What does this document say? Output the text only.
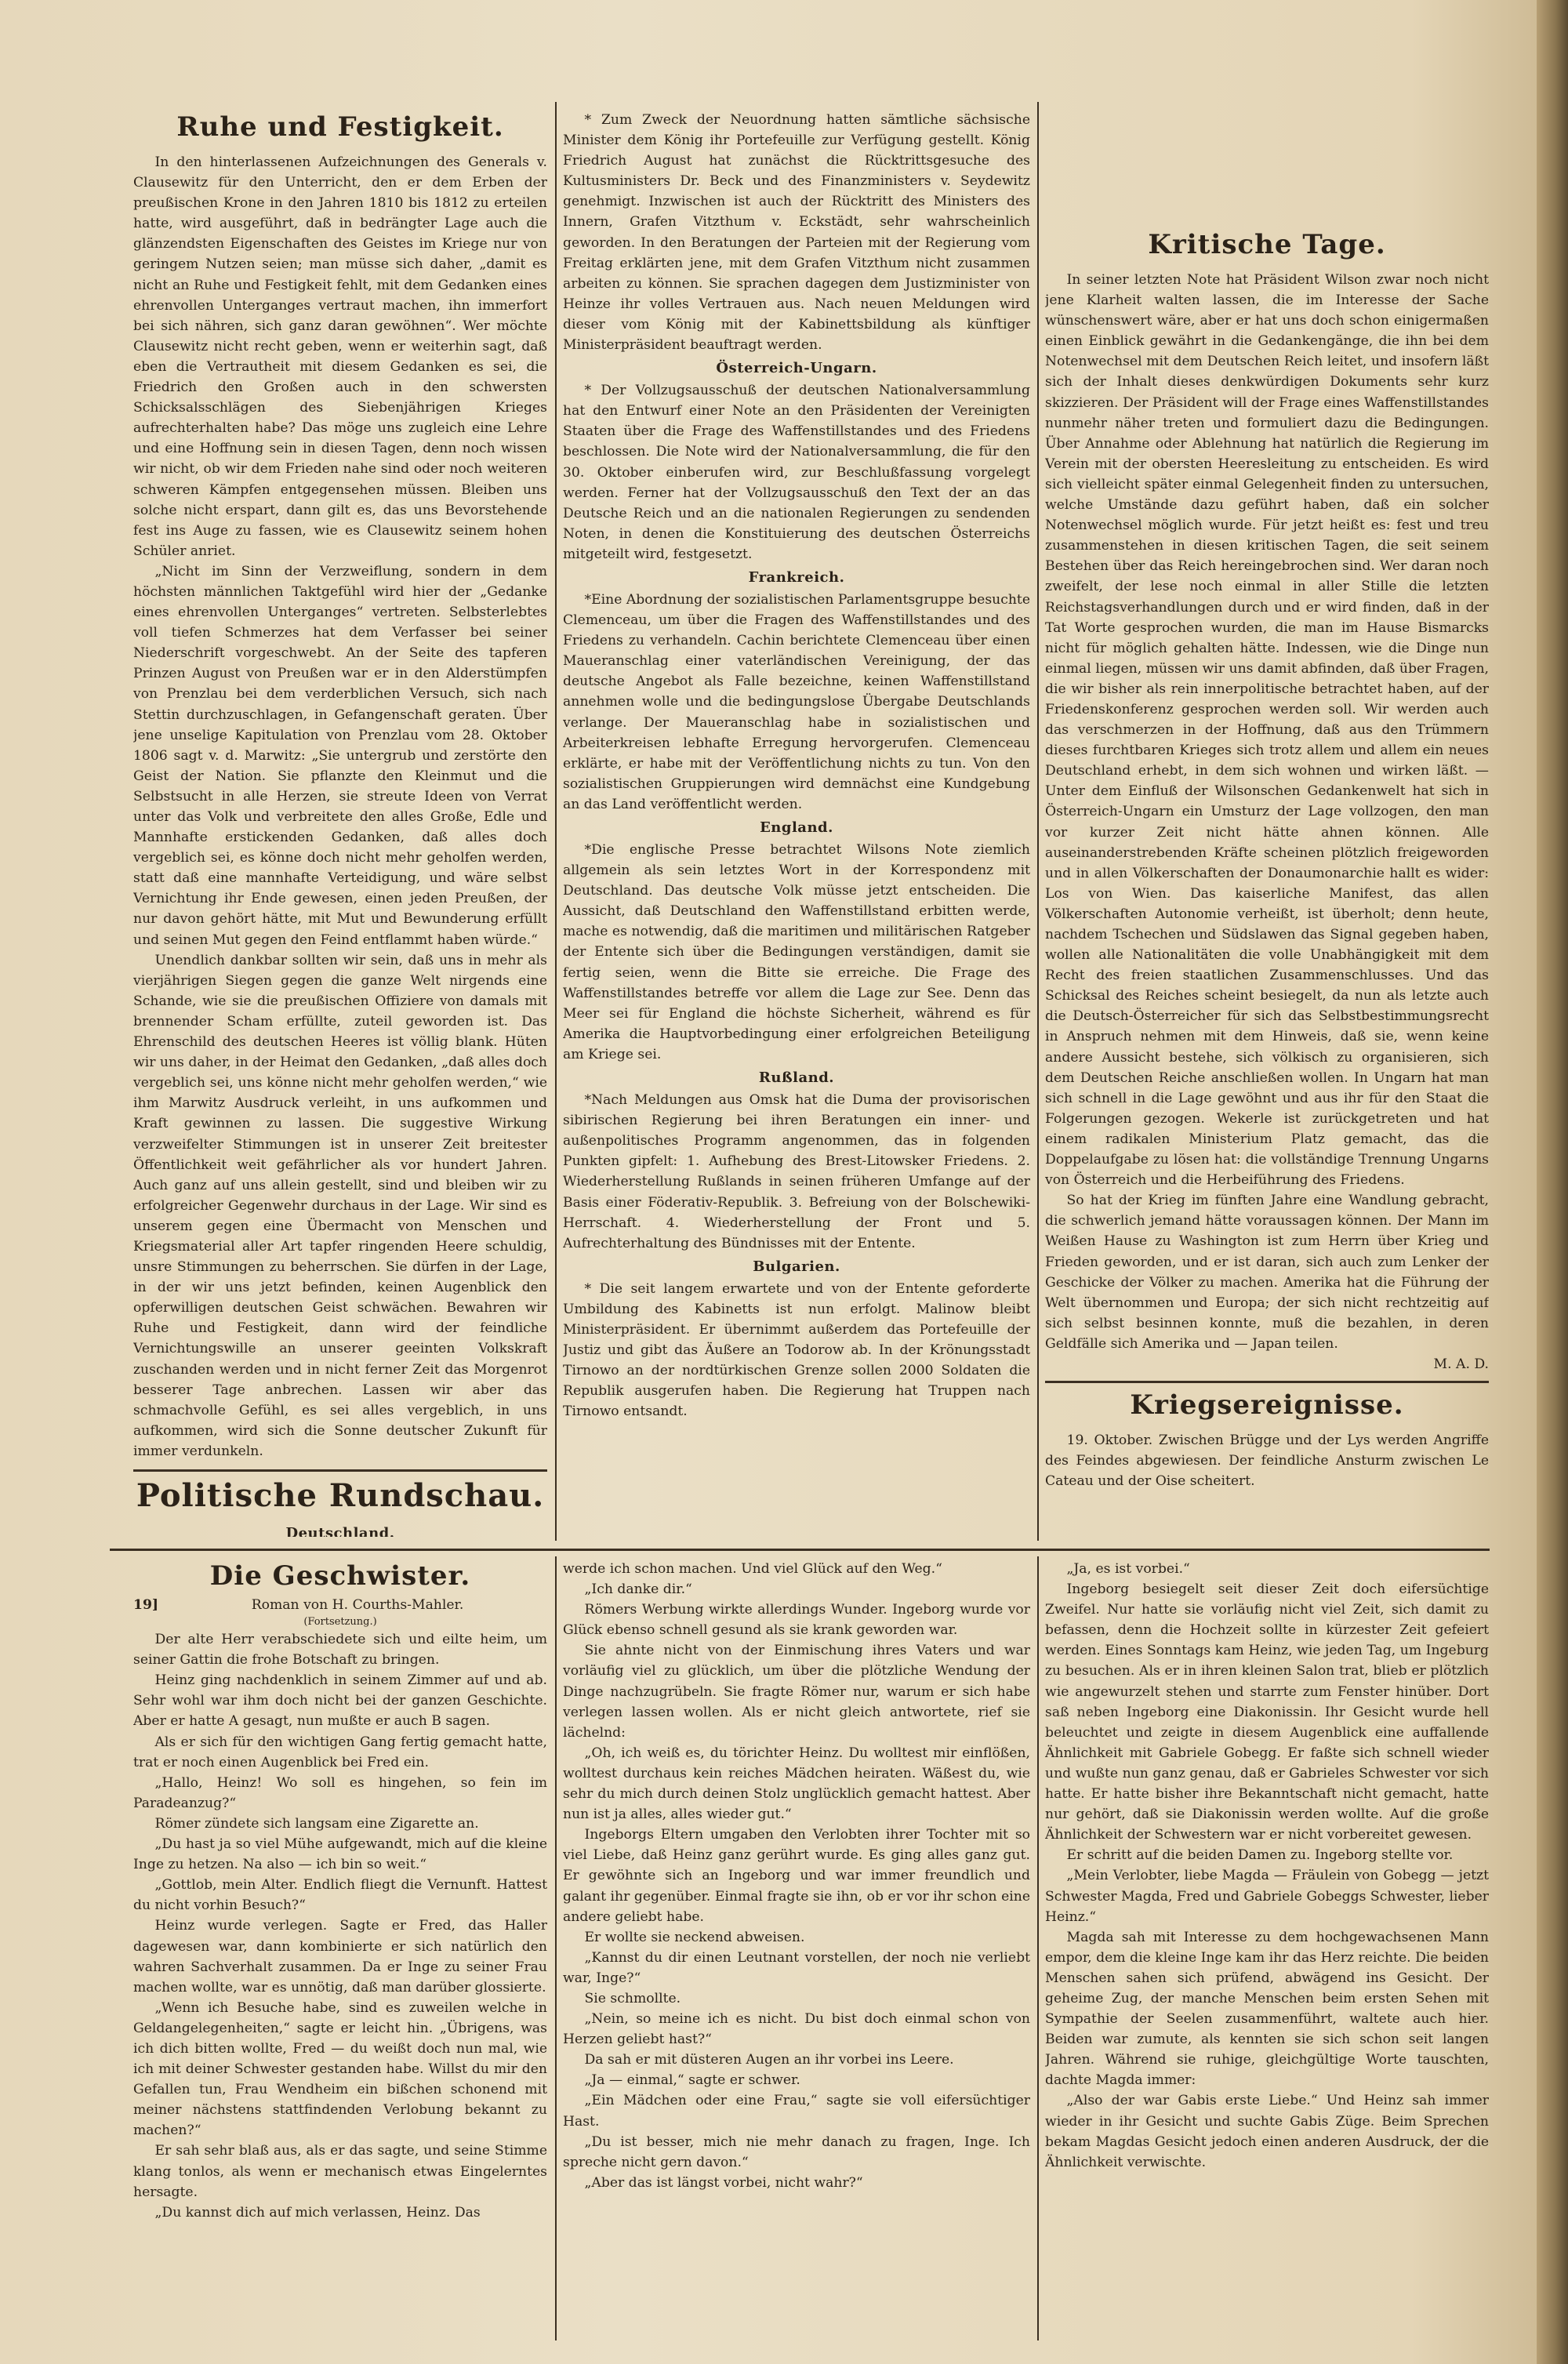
Ruhe und Festigkeit.

In den hinterlassenen Aufzeichnungen des Generals v. Clausewitz für den Unterricht, den er dem Erben der preußischen Krone in den Jahren 1810 bis 1812 zu erteilen hatte, wird ausgeführt, daß in bedrängter Lage auch die glänzendsten Eigenschaften des Geistes im Kriege nur von geringem Nutzen seien; man müsse sich daher, „damit es nicht an Ruhe und Festigkeit fehlt, mit dem Gedanken eines ehrenvollen Unterganges vertraut machen, ihn immerfort bei sich nähren, sich ganz daran gewöhnen“. Wer möchte Clausewitz nicht recht geben, wenn er weiterhin sagt, daß eben die Vertrautheit mit diesem Gedanken es sei, die Friedrich den Großen auch in den schwersten Schicksalsschlägen des Siebenjährigen Krieges aufrechterhalten habe? Das möge uns zugleich eine Lehre und eine Hoffnung sein in diesen Tagen, denn noch wissen wir nicht, ob wir dem Frieden nahe sind oder noch weiteren schweren Kämpfen entgegensehen müssen. Bleiben uns solche nicht erspart, dann gilt es, das uns Bevorstehende fest ins Auge zu fassen, wie es Clausewitz seinem hohen Schüler anriet.

„Nicht im Sinn der Verzweiflung, sondern in dem höchsten männlichen Taktgefühl wird hier der „Gedanke eines ehrenvollen Unterganges“ vertreten. Selbsterlebtes voll tiefen Schmerzes hat dem Verfasser bei seiner Niederschrift vorgeschwebt. An der Seite des tapferen Prinzen August von Preußen war er in den Alderstümpfen von Prenzlau bei dem verderblichen Versuch, sich nach Stettin durchzuschlagen, in Gefangenschaft geraten. Über jene unselige Kapitulation von Prenzlau vom 28. Oktober 1806 sagt v. d. Marwitz: „Sie untergrub und zerstörte den Geist der Nation. Sie pflanzte den Kleinmut und die Selbstsucht in alle Herzen, sie streute Ideen von Verrat unter das Volk und verbreitete den alles Große, Edle und Mannhafte erstickenden Gedanken, daß alles doch vergeblich sei, es könne doch nicht mehr geholfen werden, statt daß eine mannhafte Verteidigung, und wäre selbst Vernichtung ihr Ende gewesen, einen jeden Preußen, der nur davon gehört hätte, mit Mut und Bewunderung erfüllt und seinen Mut gegen den Feind entflammt haben würde.“

Unendlich dankbar sollten wir sein, daß uns in mehr als vierjährigen Siegen gegen die ganze Welt nirgends eine Schande, wie sie die preußischen Offiziere von damals mit brennender Scham erfüllte, zuteil geworden ist. Das Ehrenschild des deutschen Heeres ist völlig blank. Hüten wir uns daher, in der Heimat den Gedanken, „daß alles doch vergeblich sei, uns könne nicht mehr geholfen werden,“ wie ihm Marwitz Ausdruck verleiht, in uns aufkommen und Kraft gewinnen zu lassen. Die suggestive Wirkung verzweifelter Stimmungen ist in unserer Zeit breitester Öffentlichkeit weit gefährlicher als vor hundert Jahren. Auch ganz auf uns allein gestellt, sind und bleiben wir zu erfolgreicher Gegenwehr durchaus in der Lage. Wir sind es unserem gegen eine Übermacht von Menschen und Kriegsmaterial aller Art tapfer ringenden Heere schuldig, unsre Stimmungen zu beherrschen. Sie dürfen in der Lage, in der wir uns jetzt befinden, keinen Augenblick den opferwilligen deutschen Geist schwächen. Bewahren wir Ruhe und Festigkeit, dann wird der feindliche Vernichtungswille an unserer geeinten Volkskraft zuschanden werden und in nicht ferner Zeit das Morgenrot besserer Tage anbrechen. Lassen wir aber das schmachvolle Gefühl, es sei alles vergeblich, in uns aufkommen, wird sich die Sonne deutscher Zukunft für immer verdunkeln.

Politische Rundschau.
Deutschland.

* Zum Zweck der Neuordnung hatten sämtliche sächsische Minister dem König ihr Portefeuille zur Verfügung gestellt. König Friedrich August hat zunächst die Rücktrittsgesuche des Kultusministers Dr. Beck und des Finanzministers v. Seydewitz genehmigt. Inzwischen ist auch der Rücktritt des Ministers des Innern, Grafen Vitzthum v. Eckstädt, sehr wahrscheinlich geworden. In den Beratungen der Parteien mit der Regierung vom Freitag erklärten jene, mit dem Grafen Vitzthum nicht zusammen arbeiten zu können. Sie sprachen dagegen dem Justizminister von Heinze ihr volles Vertrauen aus. Nach neuen Meldungen wird dieser vom König mit der Kabinettsbildung als künftiger Ministerpräsident beauftragt werden.

Österreich-Ungarn.

* Der Vollzugsausschuß der deutschen Nationalversammlung hat den Entwurf einer Note an den Präsidenten der Vereinigten Staaten über die Frage des Waffenstillstandes und des Friedens beschlossen. Die Note wird der Nationalversammlung, die für den 30. Oktober einberufen wird, zur Beschlußfassung vorgelegt werden. Ferner hat der Vollzugsausschuß den Text der an das Deutsche Reich und an die nationalen Regierungen zu sendenden Noten, in denen die Konstituierung des deutschen Österreichs mitgeteilt wird, festgesetzt.

Frankreich.

*Eine Abordnung der sozialistischen Parlamentsgruppe besuchte Clemenceau, um über die Fragen des Waffenstillstandes und des Friedens zu verhandeln. Cachin berichtete Clemenceau über einen Maueranschlag einer vaterländischen Vereinigung, der das deutsche Angebot als Falle bezeichne, keinen Waffenstillstand annehmen wolle und die bedingungslose Übergabe Deutschlands verlange. Der Maueranschlag habe in sozialistischen und Arbeiterkreisen lebhafte Erregung hervorgerufen. Clemenceau erklärte, er habe mit der Veröffentlichung nichts zu tun. Von den sozialistischen Gruppierungen wird demnächst eine Kundgebung an das Land veröffentlicht werden.

England.

*Die englische Presse betrachtet Wilsons Note ziemlich allgemein als sein letztes Wort in der Korrespondenz mit Deutschland. Das deutsche Volk müsse jetzt entscheiden. Die Aussicht, daß Deutschland den Waffenstillstand erbitten werde, mache es notwendig, daß die maritimen und militärischen Ratgeber der Entente sich über die Bedingungen verständigen, damit sie fertig seien, wenn die Bitte sie erreiche. Die Frage des Waffenstillstandes betreffe vor allem die Lage zur See. Denn das Meer sei für England die höchste Sicherheit, während es für Amerika die Hauptvorbedingung einer erfolgreichen Beteiligung am Kriege sei.

Rußland.

*Nach Meldungen aus Omsk hat die Duma der provisorischen sibirischen Regierung bei ihren Beratungen ein inner- und außenpolitisches Programm angenommen, das in folgenden Punkten gipfelt: 1. Aufhebung des Brest-Litowsker Friedens. 2. Wiederherstellung Rußlands in seinen früheren Umfange auf der Basis einer Föderativ-Republik. 3. Befreiung von der Bolschewiki-Herrschaft. 4. Wiederherstellung der Front und 5. Aufrechterhaltung des Bündnisses mit der Entente.

Bulgarien.

* Die seit langem erwartete und von der Entente geforderte Umbildung des Kabinetts ist nun erfolgt. Malinow bleibt Ministerpräsident. Er übernimmt außerdem das Portefeuille der Justiz und gibt das Äußere an Todorow ab. In der Krönungsstadt Tirnowo an der nordtürkischen Grenze sollen 2000 Soldaten die Republik ausgerufen haben. Die Regierung hat Truppen nach Tirnowo entsandt.

Kritische Tage.

In seiner letzten Note hat Präsident Wilson zwar noch nicht jene Klarheit walten lassen, die im Interesse der Sache wünschenswert wäre, aber er hat uns doch schon einigermaßen einen Einblick gewährt in die Gedankengänge, die ihn bei dem Notenwechsel mit dem Deutschen Reich leitet, und insofern läßt sich der Inhalt dieses denkwürdigen Dokuments sehr kurz skizzieren. Der Präsident will der Frage eines Waffenstillstandes nunmehr näher treten und formuliert dazu die Bedingungen. Über Annahme oder Ablehnung hat natürlich die Regierung im Verein mit der obersten Heeresleitung zu entscheiden. Es wird sich vielleicht später einmal Gelegenheit finden zu untersuchen, welche Umstände dazu geführt haben, daß ein solcher Notenwechsel möglich wurde. Für jetzt heißt es: fest und treu zusammenstehen in diesen kritischen Tagen, die seit seinem Bestehen über das Reich hereingebrochen sind. Wer daran noch zweifelt, der lese noch einmal in aller Stille die letzten Reichstagsverhandlungen durch und er wird finden, daß in der Tat Worte gesprochen wurden, die man im Hause Bismarcks nicht für möglich gehalten hätte. Indessen, wie die Dinge nun einmal liegen, müssen wir uns damit abfinden, daß über Fragen, die wir bisher als rein innerpolitische betrachtet haben, auf der Friedenskonferenz gesprochen werden soll. Wir werden auch das verschmerzen in der Hoffnung, daß aus den Trümmern dieses furchtbaren Krieges sich trotz allem und allem ein neues Deutschland erhebt, in dem sich wohnen und wirken läßt. — Unter dem Einfluß der Wilsonschen Gedankenwelt hat sich in Österreich-Ungarn ein Umsturz der Lage vollzogen, den man vor kurzer Zeit nicht hätte ahnen können. Alle auseinanderstrebenden Kräfte scheinen plötzlich freigeworden und in allen Völkerschaften der Donaumonarchie hallt es wider: Los von Wien. Das kaiserliche Manifest, das allen Völkerschaften Autonomie verheißt, ist überholt; denn heute, nachdem Tschechen und Südslawen das Signal gegeben haben, wollen alle Nationalitäten die volle Unabhängigkeit mit dem Recht des freien staatlichen Zusammenschlusses. Und das Schicksal des Reiches scheint besiegelt, da nun als letzte auch die Deutsch-Österreicher für sich das Selbstbestimmungsrecht in Anspruch nehmen mit dem Hinweis, daß sie, wenn keine andere Aussicht bestehe, sich völkisch zu organisieren, sich dem Deutschen Reiche anschließen wollen. In Ungarn hat man sich schnell in die Lage gewöhnt und aus ihr für den Staat die Folgerungen gezogen. Wekerle ist zurückgetreten und hat einem radikalen Ministerium Platz gemacht, das die Doppelaufgabe zu lösen hat: die vollständige Trennung Ungarns von Österreich und die Herbeiführung des Friedens.

So hat der Krieg im fünften Jahre eine Wandlung gebracht, die schwerlich jemand hätte voraussagen können. Der Mann im Weißen Hause zu Washington ist zum Herrn über Krieg und Frieden geworden, und er ist daran, sich auch zum Lenker der Geschicke der Völker zu machen. Amerika hat die Führung der Welt übernommen und Europa; der sich nicht rechtzeitig auf sich selbst besinnen konnte, muß die bezahlen, in deren Geldfälle sich Amerika und — Japan teilen.

M. A. D.

Kriegsereignisse.

19. Oktober. Zwischen Brügge und der Lys werden Angriffe des Feindes abgewiesen. Der feindliche Ansturm zwischen Le Cateau und der Oise scheitert.

Die Geschwister.
19]	Roman von H. Courths-Mahler.
(Fortsetzung.)

Der alte Herr verabschiedete sich und eilte heim, um seiner Gattin die frohe Botschaft zu bringen.

Heinz ging nachdenklich in seinem Zimmer auf und ab. Sehr wohl war ihm doch nicht bei der ganzen Geschichte. Aber er hatte A gesagt, nun mußte er auch B sagen.

Als er sich für den wichtigen Gang fertig gemacht hatte, trat er noch einen Augenblick bei Fred ein.

„Hallo, Heinz! Wo soll es hingehen, so fein im Paradeanzug?“

Römer zündete sich langsam eine Zigarette an.

„Du hast ja so viel Mühe aufgewandt, mich auf die kleine Inge zu hetzen. Na also — ich bin so weit.“

„Gottlob, mein Alter. Endlich fliegt die Vernunft. Hattest du nicht vorhin Besuch?“

Heinz wurde verlegen. Sagte er Fred, das Haller dagewesen war, dann kombinierte er sich natürlich den wahren Sachverhalt zusammen. Da er Inge zu seiner Frau machen wollte, war es unnötig, daß man darüber glossierte.

„Wenn ich Besuche habe, sind es zuweilen welche in Geldangelegenheiten,“ sagte er leicht hin. „Übrigens, was ich dich bitten wollte, Fred — du weißt doch nun mal, wie ich mit deiner Schwester gestanden habe. Willst du mir den Gefallen tun, Frau Wendheim ein bißchen schonend mit meiner nächstens stattfindenden Verlobung bekannt zu machen?“

Er sah sehr blaß aus, als er das sagte, und seine Stimme klang tonlos, als wenn er mechanisch etwas Eingelerntes hersagte.

„Du kannst dich auf mich verlassen, Heinz. Das

werde ich schon machen. Und viel Glück auf den Weg.“

„Ich danke dir.“

Römers Werbung wirkte allerdings Wunder. Ingeborg wurde vor Glück ebenso schnell gesund als sie krank geworden war.

Sie ahnte nicht von der Einmischung ihres Vaters und war vorläufig viel zu glücklich, um über die plötzliche Wendung der Dinge nachzugrübeln. Sie fragte Römer nur, warum er sich habe verlegen lassen wollen. Als er nicht gleich antwortete, rief sie lächelnd:

„Oh, ich weiß es, du törichter Heinz. Du wolltest mir einflößen, wolltest durchaus kein reiches Mädchen heiraten. Wäßest du, wie sehr du mich durch deinen Stolz unglücklich gemacht hattest. Aber nun ist ja alles, alles wieder gut.“

Ingeborgs Eltern umgaben den Verlobten ihrer Tochter mit so viel Liebe, daß Heinz ganz gerührt wurde. Es ging alles ganz gut. Er gewöhnte sich an Ingeborg und war immer freundlich und galant ihr gegenüber. Einmal fragte sie ihn, ob er vor ihr schon eine andere geliebt habe.

Er wollte sie neckend abweisen.

„Kannst du dir einen Leutnant vorstellen, der noch nie verliebt war, Inge?“

Sie schmollte.

„Nein, so meine ich es nicht. Du bist doch einmal schon von Herzen geliebt hast?“

Da sah er mit düsteren Augen an ihr vorbei ins Leere.

„Ja — einmal,“ sagte er schwer.

„Ein Mädchen oder eine Frau,“ sagte sie voll eifersüchtiger Hast.

„Du ist besser, mich nie mehr danach zu fragen, Inge. Ich spreche nicht gern davon.“

„Aber das ist längst vorbei, nicht wahr?“

„Ja, es ist vorbei.“

Ingeborg besiegelt seit dieser Zeit doch eifersüchtige Zweifel. Nur hatte sie vorläufig nicht viel Zeit, sich damit zu befassen, denn die Hochzeit sollte in kürzester Zeit gefeiert werden. Eines Sonntags kam Heinz, wie jeden Tag, um Ingeburg zu besuchen. Als er in ihren kleinen Salon trat, blieb er plötzlich wie angewurzelt stehen und starrte zum Fenster hinüber. Dort saß neben Ingeborg eine Diakonissin. Ihr Gesicht wurde hell beleuchtet und zeigte in diesem Augenblick eine auffallende Ähnlichkeit mit Gabriele Gobegg. Er faßte sich schnell wieder und wußte nun ganz genau, daß er Gabrieles Schwester vor sich hatte. Er hatte bisher ihre Bekanntschaft nicht gemacht, hatte nur gehört, daß sie Diakonissin werden wollte. Auf die große Ähnlichkeit der Schwestern war er nicht vorbereitet gewesen.

Er schritt auf die beiden Damen zu. Ingeborg stellte vor.

„Mein Verlobter, liebe Magda — Fräulein von Gobegg — jetzt Schwester Magda, Fred und Gabriele Gobeggs Schwester, lieber Heinz.“

Magda sah mit Interesse zu dem hochgewachsenen Mann empor, dem die kleine Inge kam ihr das Herz reichte. Die beiden Menschen sahen sich prüfend, abwägend ins Gesicht. Der geheime Zug, der manche Menschen beim ersten Sehen mit Sympathie der Seelen zusammenführt, waltete auch hier. Beiden war zumute, als kennten sie sich schon seit langen Jahren. Während sie ruhige, gleichgültige Worte tauschten, dachte Magda immer:

„Also der war Gabis erste Liebe.“ Und Heinz sah immer wieder in ihr Gesicht und suchte Gabis Züge. Beim Sprechen bekam Magdas Gesicht jedoch einen anderen Ausdruck, der die Ähnlichkeit verwischte.
